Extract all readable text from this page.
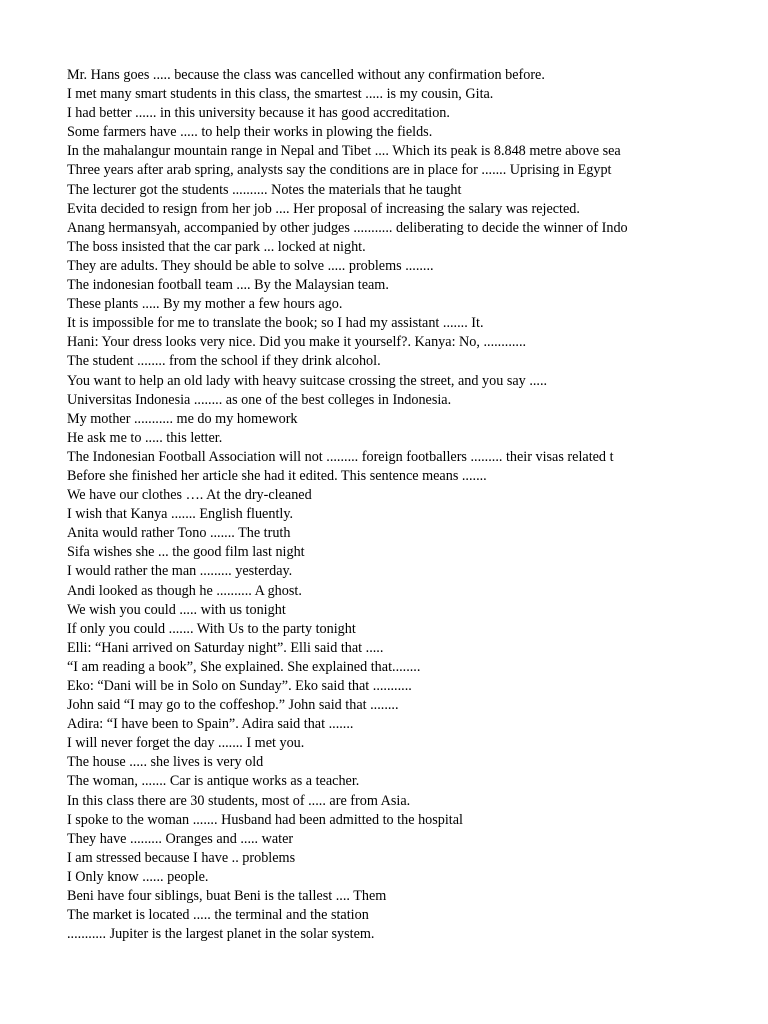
Mr. Hans goes ..... because the class was cancelled without any confirmation before.
I met many smart students in this class, the smartest ..... is my cousin, Gita.
I had better ...... in this university because it has good accreditation.
Some farmers have ..... to help their works in plowing the fields.
In the mahalangur mountain range in Nepal and Tibet .... Which its peak is 8.848 metre above sea
Three years after arab spring, analysts say the conditions are in place for ....... Uprising in Egypt
The lecturer got the students .......... Notes the materials that he taught
Evita decided to resign from her job .... Her proposal of increasing the salary was rejected.
Anang hermansyah, accompanied by other judges ........... deliberating to decide the winner of Indo
The boss insisted that the car park ... locked at night.
They are adults. They should be able to solve ..... problems ........
The indonesian football team .... By the Malaysian team.
These plants ..... By my mother a few hours ago.
It is impossible for me to translate the book; so I had my assistant ....... It.
Hani: Your dress looks very nice. Did you make it yourself?. Kanya: No, ............
The student ........ from the school if they drink alcohol.
You want to help an old lady with heavy suitcase crossing the street, and you say .....
Universitas Indonesia ........ as one of the best colleges in Indonesia.
My mother ........... me do my homework
He ask me to ..... this letter.
The Indonesian Football Association will not ......... foreign footballers ......... their visas related t
Before she finished her article she had it edited. This sentence means .......
We have our clothes …. At the dry-cleaned
I wish that Kanya ....... English fluently.
Anita would rather Tono ....... The truth
Sifa wishes she ... the good film last night
I would rather the man ......... yesterday.
Andi looked as though he .......... A ghost.
We wish you could ..... with us tonight
If only you could ....... With Us to the party tonight
Elli: “Hani arrived on Saturday night”. Elli said that .....
“I am reading a book”, She explained. She explained that........
Eko: “Dani will be in Solo on Sunday”. Eko said that ...........
John said “I may go to the coffeshop.” John said that ........
Adira: “I have been to Spain”. Adira said that .......
I will never forget the day ....... I met you.
The house ..... she lives is very old
The woman, ....... Car is antique works as a teacher.
In this class there are 30 students, most of ..... are from Asia.
I spoke to the woman ....... Husband had been admitted to the hospital
They have ......... Oranges and ..... water
I am stressed because I have .. problems
I Only know ...... people.
Beni have four siblings, buat Beni is the tallest .... Them
The market is located ..... the terminal and the station
........... Jupiter is the largest planet in the solar system.
